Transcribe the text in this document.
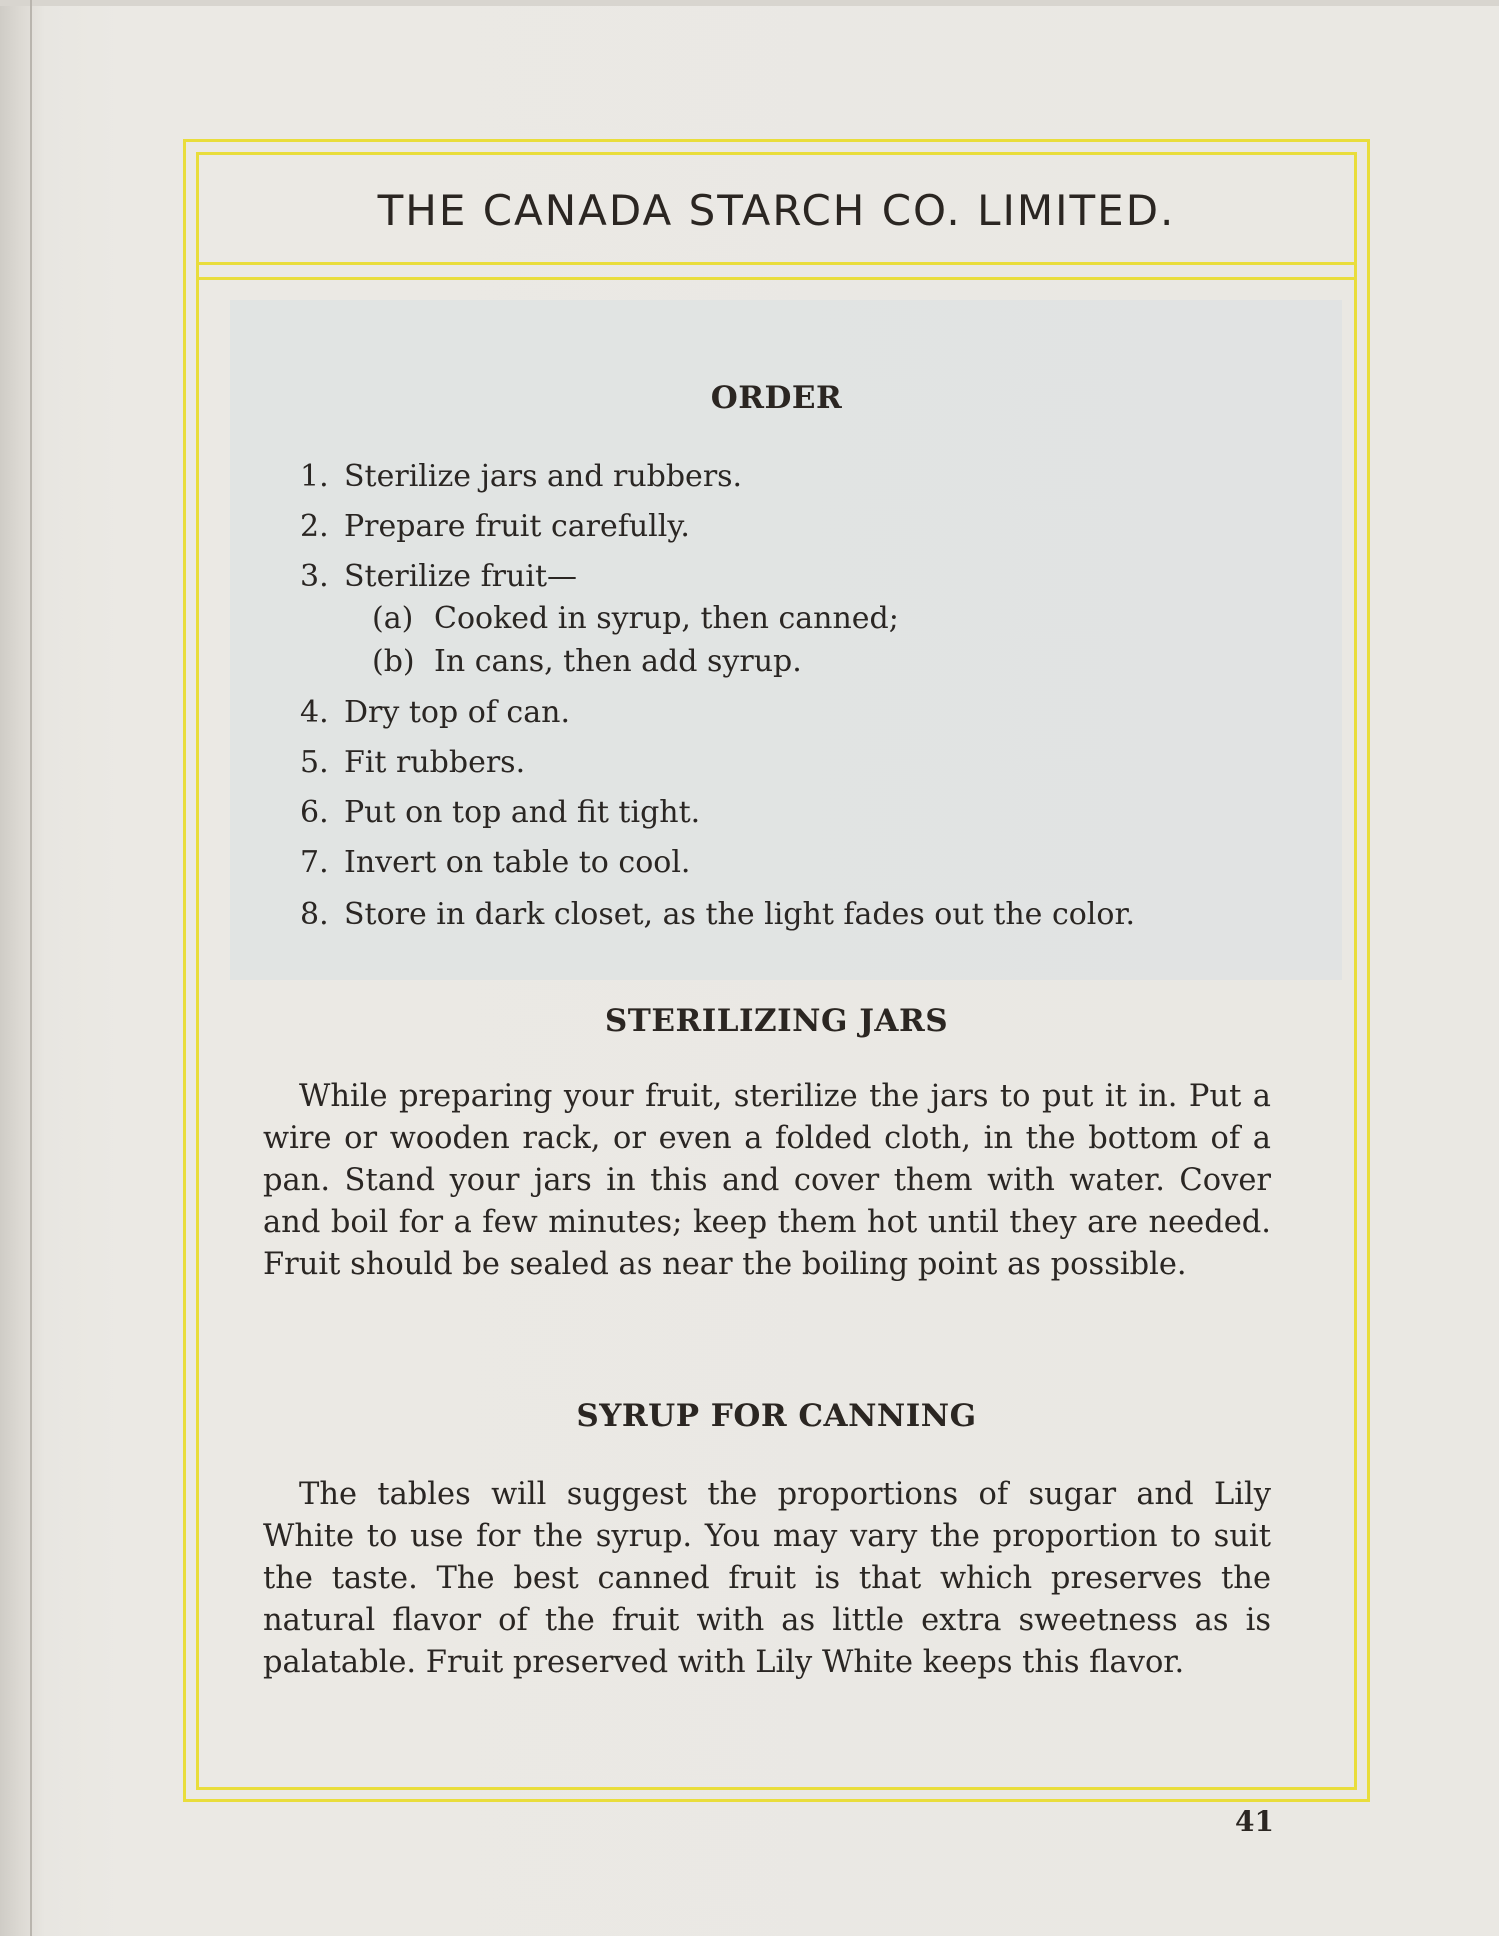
THE CANADA STARCH CO. LIMITED.
ORDER
1. Sterilize jars and rubbers.
2. Prepare fruit carefully.
3. Sterilize fruit—
(a) Cooked in syrup, then canned;
(b) In cans, then add syrup.
4. Dry top of can.
5. Fit rubbers.
6. Put on top and fit tight.
7. Invert on table to cool.
8. Store in dark closet, as the light fades out the color.
STERILIZING JARS
While preparing your fruit, sterilize the jars to put it in. Put a wire or wooden rack, or even a folded cloth, in the bottom of a pan. Stand your jars in this and cover them with water. Cover and boil for a few minutes; keep them hot until they are needed. Fruit should be sealed as near the boiling point as possible.
SYRUP FOR CANNING
The tables will suggest the proportions of sugar and Lily White to use for the syrup. You may vary the proportion to suit the taste. The best canned fruit is that which preserves the natural flavor of the fruit with as little extra sweetness as is palatable. Fruit preserved with Lily White keeps this flavor.
41
